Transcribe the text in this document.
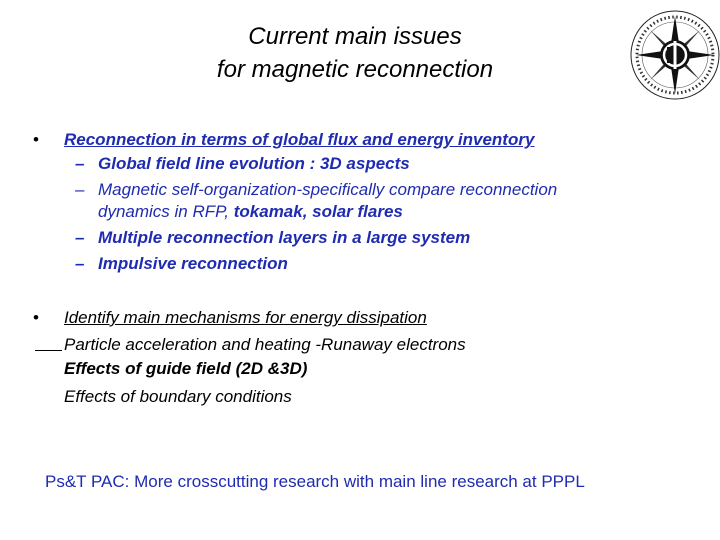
Current main issues
for magnetic reconnection
• Reconnection in terms of global flux and energy inventory
– Global field line evolution : 3D aspects
– Magnetic self-organization-specifically compare reconnection
dynamics in RFP, tokamak, solar flares
– Multiple reconnection layers in a large system
– Impulsive reconnection
• Identify main mechanisms for energy dissipation
Particle acceleration and heating -Runaway electrons
Effects of guide field (2D &3D)
Effects of boundary conditions
Ps&T PAC: More crosscutting research with main line research at PPPL
